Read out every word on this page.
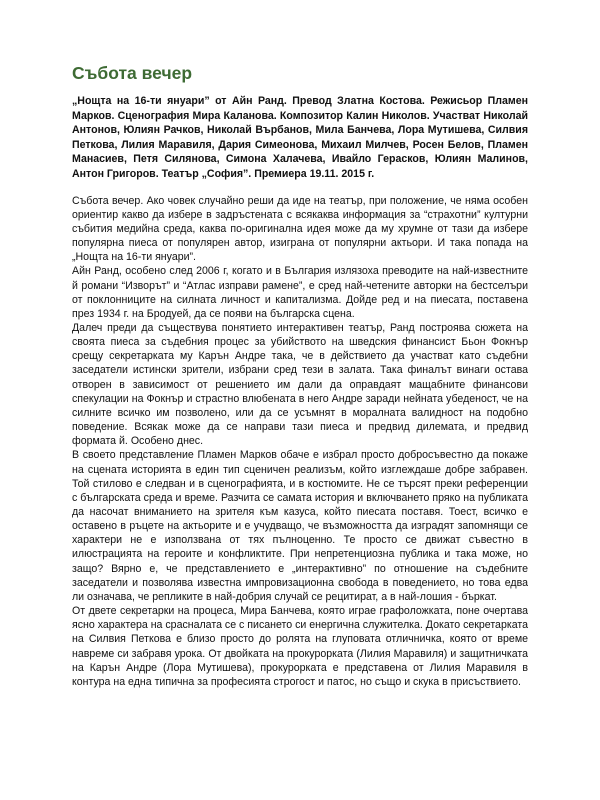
Събота вечер

„Нощта на 16-ти януари” от Айн Ранд. Превод Златна Костова. Режисьор Пламен Марков. Сценография Мира Каланова. Композитор Калин Николов. Участват Николай Антонов, Юлиян Рачков, Николай Върбанов, Мила Банчева, Лора Мутишева, Силвия Петкова, Лилия Маравиля, Дария Симеонова, Михаил Милчев, Росен Белов, Пламен Манасиев, Петя Силянова, Симона Халачева, Ивайло Герасков, Юлиян Малинов, Антон Григоров. Театър „София”. Премиера 19.11. 2015 г.

Събота вечер. Ако човек случайно реши да иде на театър, при положение, че няма особен ориентир какво да избере в задръстената с всякаква информация за “страхотни” културни събития медийна среда, каква по-оригинална идея може да му хрумне от тази да избере популярна пиеса от популярен автор, изиграна от популярни актьори. И така попада на „Нощта на 16-ти януари”.

Айн Ранд, особено след 2006 г, когато и в България излязоха преводите на най-известните й романи “Изворът” и “Атлас изправи рамене”, е сред най-четените авторки на бестселъри от поклонниците на силната личност и капитализма. Дойде ред и на пиесата, поставена през 1934 г. на Бродуей, да се появи на българска сцена.

Далеч преди да съществува понятието интерактивен театър, Ранд построява сюжета на своята пиеса за съдебния процес за убийството на шведския финансист Бьон Фокнър срещу секретарката му Карън Андре така, че в действието да участват като съдебни заседатели истински зрители, избрани сред тези в залата. Така финалът винаги остава отворен в зависимост от решението им дали да оправдаят мащабните финансови спекулации на Фокнър и страстно влюбената в него Андре заради нейната убеденост, че на силните всичко им позволено, или да се усъмнят в моралната валидност на подобно поведение. Всякак може да се направи тази пиеса и предвид дилемата, и предвид формата й. Особено днес.

В своето представление Пламен Марков обаче е избрал просто добросъвестно да покаже на сцената историята в един тип сценичен реализъм, който изглеждаше добре забравен. Той стилово е следван и в сценографията, и в костюмите. Не се търсят преки референции с българската среда и време. Разчита се самата история и включването пряко на публиката да насочат вниманието на зрителя към казуса, който пиесата поставя. Тоест, всичко е оставено в ръцете на актьорите и е учудващо, че възможността да изградят запомнящи се характери не е използвана от тях пълноценно. Те просто се движат съвестно в илюстрацията на героите и конфликтите. При непретенциозна публика и така може, но защо? Вярно е, че представлението е „интерактивно” по отношение на съдебните заседатели и позволява известна импровизационна свобода в поведението, но това едва ли означава, че репликите в най-добрия случай се рецитират, а в най-лошия - бъркат.

От двете секретарки на процеса, Мира Банчева, която играе графоложката, поне очертава ясно характера на срасналата се с писането си енергична служителка. Докато секретарката на Силвия Петкова е близо просто до ролята на глуповата отличничка, която от време навреме си забравя урока. От двойката на прокурорката (Лилия Маравиля) и защитничката на Карън Андре (Лора Мутишева), прокурорката е представена от Лилия Маравиля в контура на една типична за професията строгост и патос, но също и скука в присъствието.
